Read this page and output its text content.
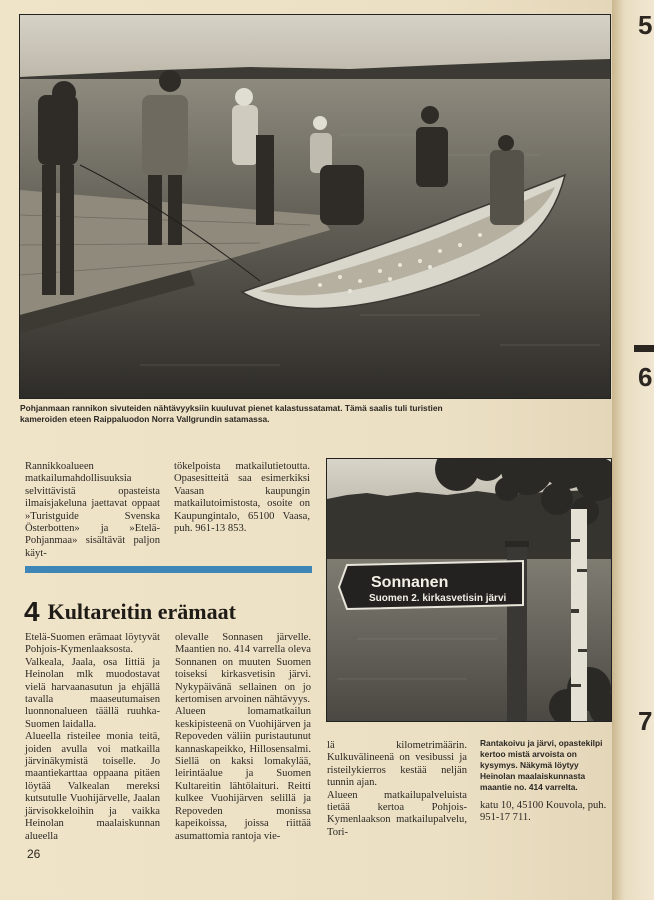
Pohjanmaan rannikon sivuteiden nähtävyyksiin kuuluvat pienet kalastussatamat. Tämä saalis tuli turistien kameroiden eteen Raippaluodon Norra Vallgrundin satamassa.
Rannikkoalueen matkailumahdollisuuksia selvittävistä opasteista ilmaisjakeluna jaettavat oppaat »Turistguide Svenska Österbotten» ja »Etelä-Pohjanmaa» sisältävät paljon käyt-
tökelpoista matkailutietoutta. Opasesitteitä saa esimerkiksi Vaasan kaupungin matkailutoimistosta, osoite on Kaupungintalo, 65100 Vaasa, puh. 961-13 853.
4 Kultareitin erämaat

Etelä-Suomen erämaat löytyvät Pohjois-Kymenlaaksosta. Valkeala, Jaala, osa Iittiä ja Heinolan mlk muodostavat vielä harvaanasutun ja ehjällä tavalla maaseutumaisen luonnonalueen täällä ruuhka-Suomen laidalla.

Alueella risteilee monia teitä, joiden avulla voi matkailla järvinäkymistä toiselle. Jo maantiekarttaa oppaana pitäen löytää Valkealan mereksi kutsutulle Vuohijärvelle, Jaalan järvisokkeloihin ja vaikka Heinolan maalaiskunnan alueella

olevalle Sonnasen järvelle. Maantien no. 414 varrella oleva Sonnanen on muuten Suomen toiseksi kirkasvetisin järvi. Nykypäivänä sellainen on jo kertomisen arvoinen nähtävyys.

Alueen lomamatkailun keskipisteenä on Vuohijärven ja Repoveden väliin puristautunut kannaskapeikko, Hillosensalmi. Siellä on kaksi lomakylää, leirintäalue ja Suomen Kultareitin lähtölaituri. Reitti kulkee Vuohijärven selillä ja Repoveden monissa kapeikoissa, joissa riittää asumattomia rantoja vie-

lä kilometrimäärin. Kulkuvälineenä on vesibussi ja risteilykierros kestää neljän tunnin ajan.

Alueen matkailupalveluista tietää kertoa Pohjois-Kymenlaakson matkailupalvelu, Tori-

katu 10, 45100 Kouvola, puh. 951-17 711.
Sonnanen
Suomen 2. kirkasvetisin järvi
Rantakoivu ja järvi, opastekilpi kertoo mistä arvoista on kysymys. Näkymä löytyy Heinolan maalaiskunnasta maantie no. 414 varrelta.
26
5
6
7
